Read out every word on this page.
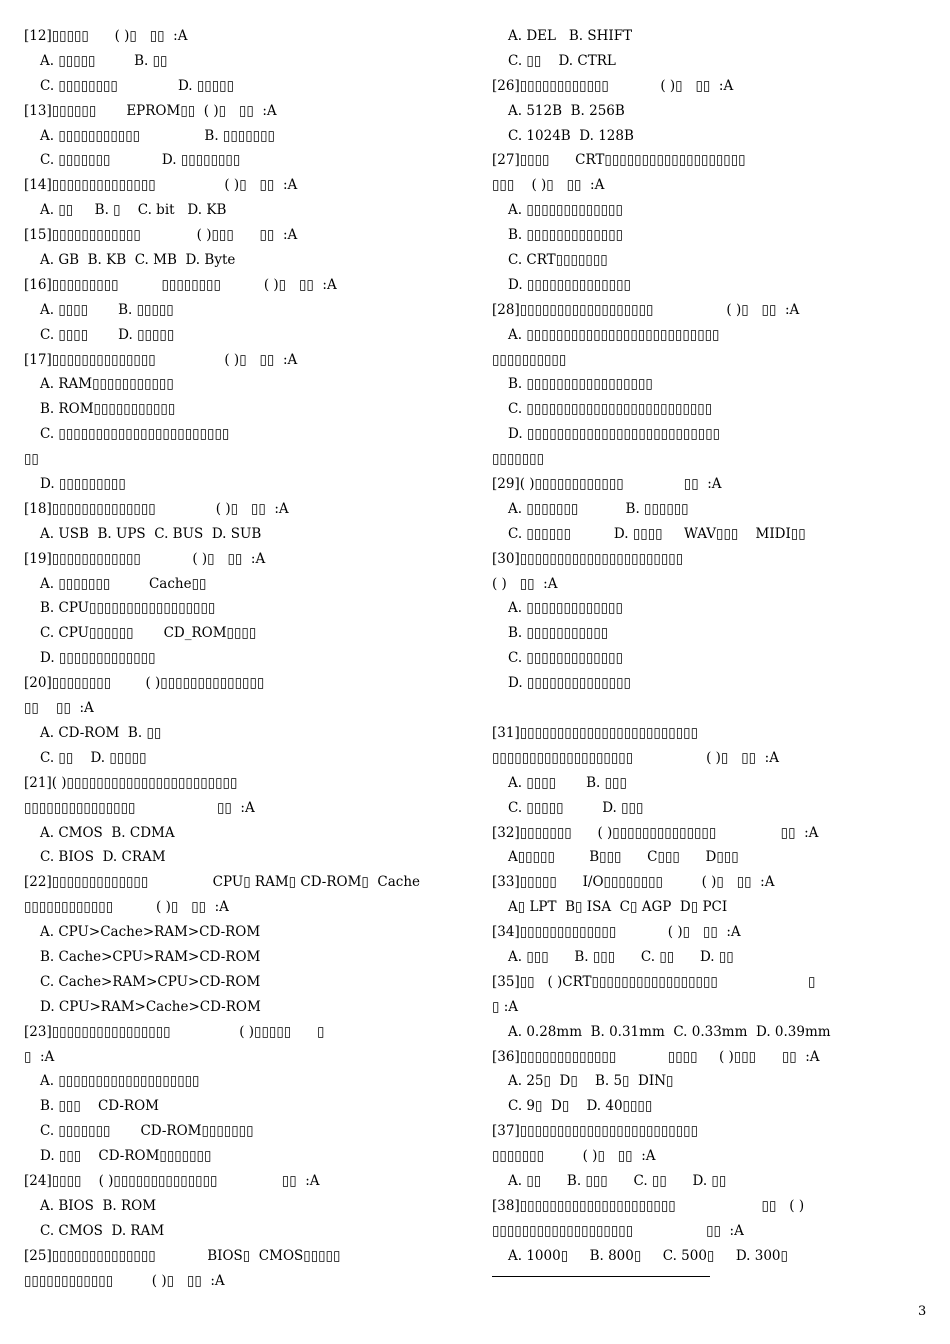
[12]▯▯▯▯▯      ( )▯   ▯▯  :A
A. ▯▯▯▯▯         B. ▯▯
C. ▯▯▯▯▯▯▯▯              D. ▯▯▯▯▯
[13]▯▯▯▯▯▯       EPROM▯▯  ( )▯   ▯▯  :A
A. ▯▯▯▯▯▯▯▯▯▯▯               B. ▯▯▯▯▯▯▯
C. ▯▯▯▯▯▯▯            D. ▯▯▯▯▯▯▯▯
[14]▯▯▯▯▯▯▯▯▯▯▯▯▯▯                ( )▯   ▯▯  :A
A. ▯▯     B. ▯    C. bit   D. KB
[15]▯▯▯▯▯▯▯▯▯▯▯▯             ( )▯▯▯      ▯▯  :A
A. GB  B. KB  C. MB  D. Byte
[16]▯▯▯▯▯▯▯▯▯          ▯▯▯▯▯▯▯▯          ( )▯   ▯▯  :A
A. ▯▯▯▯       B. ▯▯▯▯▯
C. ▯▯▯▯       D. ▯▯▯▯▯
[17]▯▯▯▯▯▯▯▯▯▯▯▯▯▯                ( )▯   ▯▯  :A
A. RAM▯▯▯▯▯▯▯▯▯▯▯
B. ROM▯▯▯▯▯▯▯▯▯▯▯
C. ▯▯▯▯▯▯▯▯▯▯▯▯▯▯▯▯▯▯▯▯▯▯▯
▯▯
D. ▯▯▯▯▯▯▯▯▯
[18]▯▯▯▯▯▯▯▯▯▯▯▯▯▯              ( )▯   ▯▯  :A
A. USB  B. UPS  C. BUS  D. SUB
[19]▯▯▯▯▯▯▯▯▯▯▯▯            ( )▯   ▯▯  :A
A. ▯▯▯▯▯▯▯         Cache▯▯
B. CPU▯▯▯▯▯▯▯▯▯▯▯▯▯▯▯▯▯
C. CPU▯▯▯▯▯▯       CD_ROM▯▯▯▯
D. ▯▯▯▯▯▯▯▯▯▯▯▯▯
[20]▯▯▯▯▯▯▯▯        ( )▯▯▯▯▯▯▯▯▯▯▯▯▯▯
▯▯    ▯▯  :A
A. CD-ROM  B. ▯▯
C. ▯▯    D. ▯▯▯▯▯
[21]( )▯▯▯▯▯▯▯▯▯▯▯▯▯▯▯▯▯▯▯▯▯▯▯
▯▯▯▯▯▯▯▯▯▯▯▯▯▯▯                   ▯▯  :A
A. CMOS  B. CDMA
C. BIOS  D. CRAM
[22]▯▯▯▯▯▯▯▯▯▯▯▯▯               CPU▯ RAM▯ CD-ROM▯  Cache
▯▯▯▯▯▯▯▯▯▯▯▯          ( )▯   ▯▯  :A
A. CPU>Cache>RAM>CD-ROM
B. Cache>CPU>RAM>CD-ROM
C. Cache>RAM>CPU>CD-ROM
D. CPU>RAM>Cache>CD-ROM
[23]▯▯▯▯▯▯▯▯▯▯▯▯▯▯▯▯                ( )▯▯▯▯▯      ▯
▯  :A
A. ▯▯▯▯▯▯▯▯▯▯▯▯▯▯▯▯▯▯▯
B. ▯▯▯    CD-ROM
C. ▯▯▯▯▯▯▯       CD-ROM▯▯▯▯▯▯▯
D. ▯▯▯    CD-ROM▯▯▯▯▯▯▯
[24]▯▯▯▯    ( )▯▯▯▯▯▯▯▯▯▯▯▯▯▯               ▯▯  :A
A. BIOS  B. ROM
C. CMOS  D. RAM
[25]▯▯▯▯▯▯▯▯▯▯▯▯▯▯            BIOS▯  CMOS▯▯▯▯▯
▯▯▯▯▯▯▯▯▯▯▯▯         ( )▯   ▯▯  :A
A. DEL   B. SHIFT
C. ▯▯    D. CTRL
[26]▯▯▯▯▯▯▯▯▯▯▯▯            ( )▯   ▯▯  :A
A. 512B  B. 256B
C. 1024B  D. 128B
[27]▯▯▯▯      CRT▯▯▯▯▯▯▯▯▯▯▯▯▯▯▯▯▯▯▯
▯▯▯    ( )▯   ▯▯  :A
A. ▯▯▯▯▯▯▯▯▯▯▯▯▯
B. ▯▯▯▯▯▯▯▯▯▯▯▯▯
C. CRT▯▯▯▯▯▯▯
D. ▯▯▯▯▯▯▯▯▯▯▯▯▯▯
[28]▯▯▯▯▯▯▯▯▯▯▯▯▯▯▯▯▯▯                 ( )▯   ▯▯  :A
A. ▯▯▯▯▯▯▯▯▯▯▯▯▯▯▯▯▯▯▯▯▯▯▯▯▯▯
▯▯▯▯▯▯▯▯▯▯
B. ▯▯▯▯▯▯▯▯▯▯▯▯▯▯▯▯▯
C. ▯▯▯▯▯▯▯▯▯▯▯▯▯▯▯▯▯▯▯▯▯▯▯▯▯
D. ▯▯▯▯▯▯▯▯▯▯▯▯▯▯▯▯▯▯▯▯▯▯▯▯▯▯
▯▯▯▯▯▯▯
[29]( )▯▯▯▯▯▯▯▯▯▯▯▯              ▯▯  :A
A. ▯▯▯▯▯▯▯           B. ▯▯▯▯▯▯
C. ▯▯▯▯▯▯          D. ▯▯▯▯     WAV▯▯▯    MIDI▯▯
[30]▯▯▯▯▯▯▯▯▯▯▯▯▯▯▯▯▯▯▯▯▯▯
( )   ▯▯  :A
A. ▯▯▯▯▯▯▯▯▯▯▯▯▯
B. ▯▯▯▯▯▯▯▯▯▯▯
C. ▯▯▯▯▯▯▯▯▯▯▯▯▯
D. ▯▯▯▯▯▯▯▯▯▯▯▯▯▯
[31]▯▯▯▯▯▯▯▯▯▯▯▯▯▯▯▯▯▯▯▯▯▯▯▯
▯▯▯▯▯▯▯▯▯▯▯▯▯▯▯▯▯▯▯                 ( )▯   ▯▯  :A
A. ▯▯▯▯       B. ▯▯▯
C. ▯▯▯▯▯         D. ▯▯▯
[32]▯▯▯▯▯▯▯      ( )▯▯▯▯▯▯▯▯▯▯▯▯▯▯               ▯▯  :A
A▯▯▯▯▯        B▯▯▯      C▯▯▯      D▯▯▯
[33]▯▯▯▯▯      I/O▯▯▯▯▯▯▯▯         ( )▯   ▯▯  :A
A▯ LPT  B▯ ISA  C▯ AGP  D▯ PCI
[34]▯▯▯▯▯▯▯▯▯▯▯▯▯            ( )▯   ▯▯  :A
A. ▯▯▯      B. ▯▯▯      C. ▯▯      D. ▯▯
[35]▯▯   ( )CRT▯▯▯▯▯▯▯▯▯▯▯▯▯▯▯▯▯                     ▯
▯ :A
A. 0.28mm  B. 0.31mm  C. 0.33mm  D. 0.39mm
[36]▯▯▯▯▯▯▯▯▯▯▯▯▯            ▯▯▯▯     ( )▯▯▯      ▯▯  :A
A. 25▯  D▯    B. 5▯  DIN▯
C. 9▯  D▯    D. 40▯▯▯▯
[37]▯▯▯▯▯▯▯▯▯▯▯▯▯▯▯▯▯▯▯▯▯▯▯▯
▯▯▯▯▯▯▯         ( )▯   ▯▯  :A
A. ▯▯      B. ▯▯▯      C. ▯▯      D. ▯▯
[38]▯▯▯▯▯▯▯▯▯▯▯▯▯▯▯▯▯▯▯▯▯                    ▯▯   ( )
▯▯▯▯▯▯▯▯▯▯▯▯▯▯▯▯▯▯▯                 ▯▯  :A
A. 1000▯     B. 800▯     C. 500▯     D. 300▯
3
